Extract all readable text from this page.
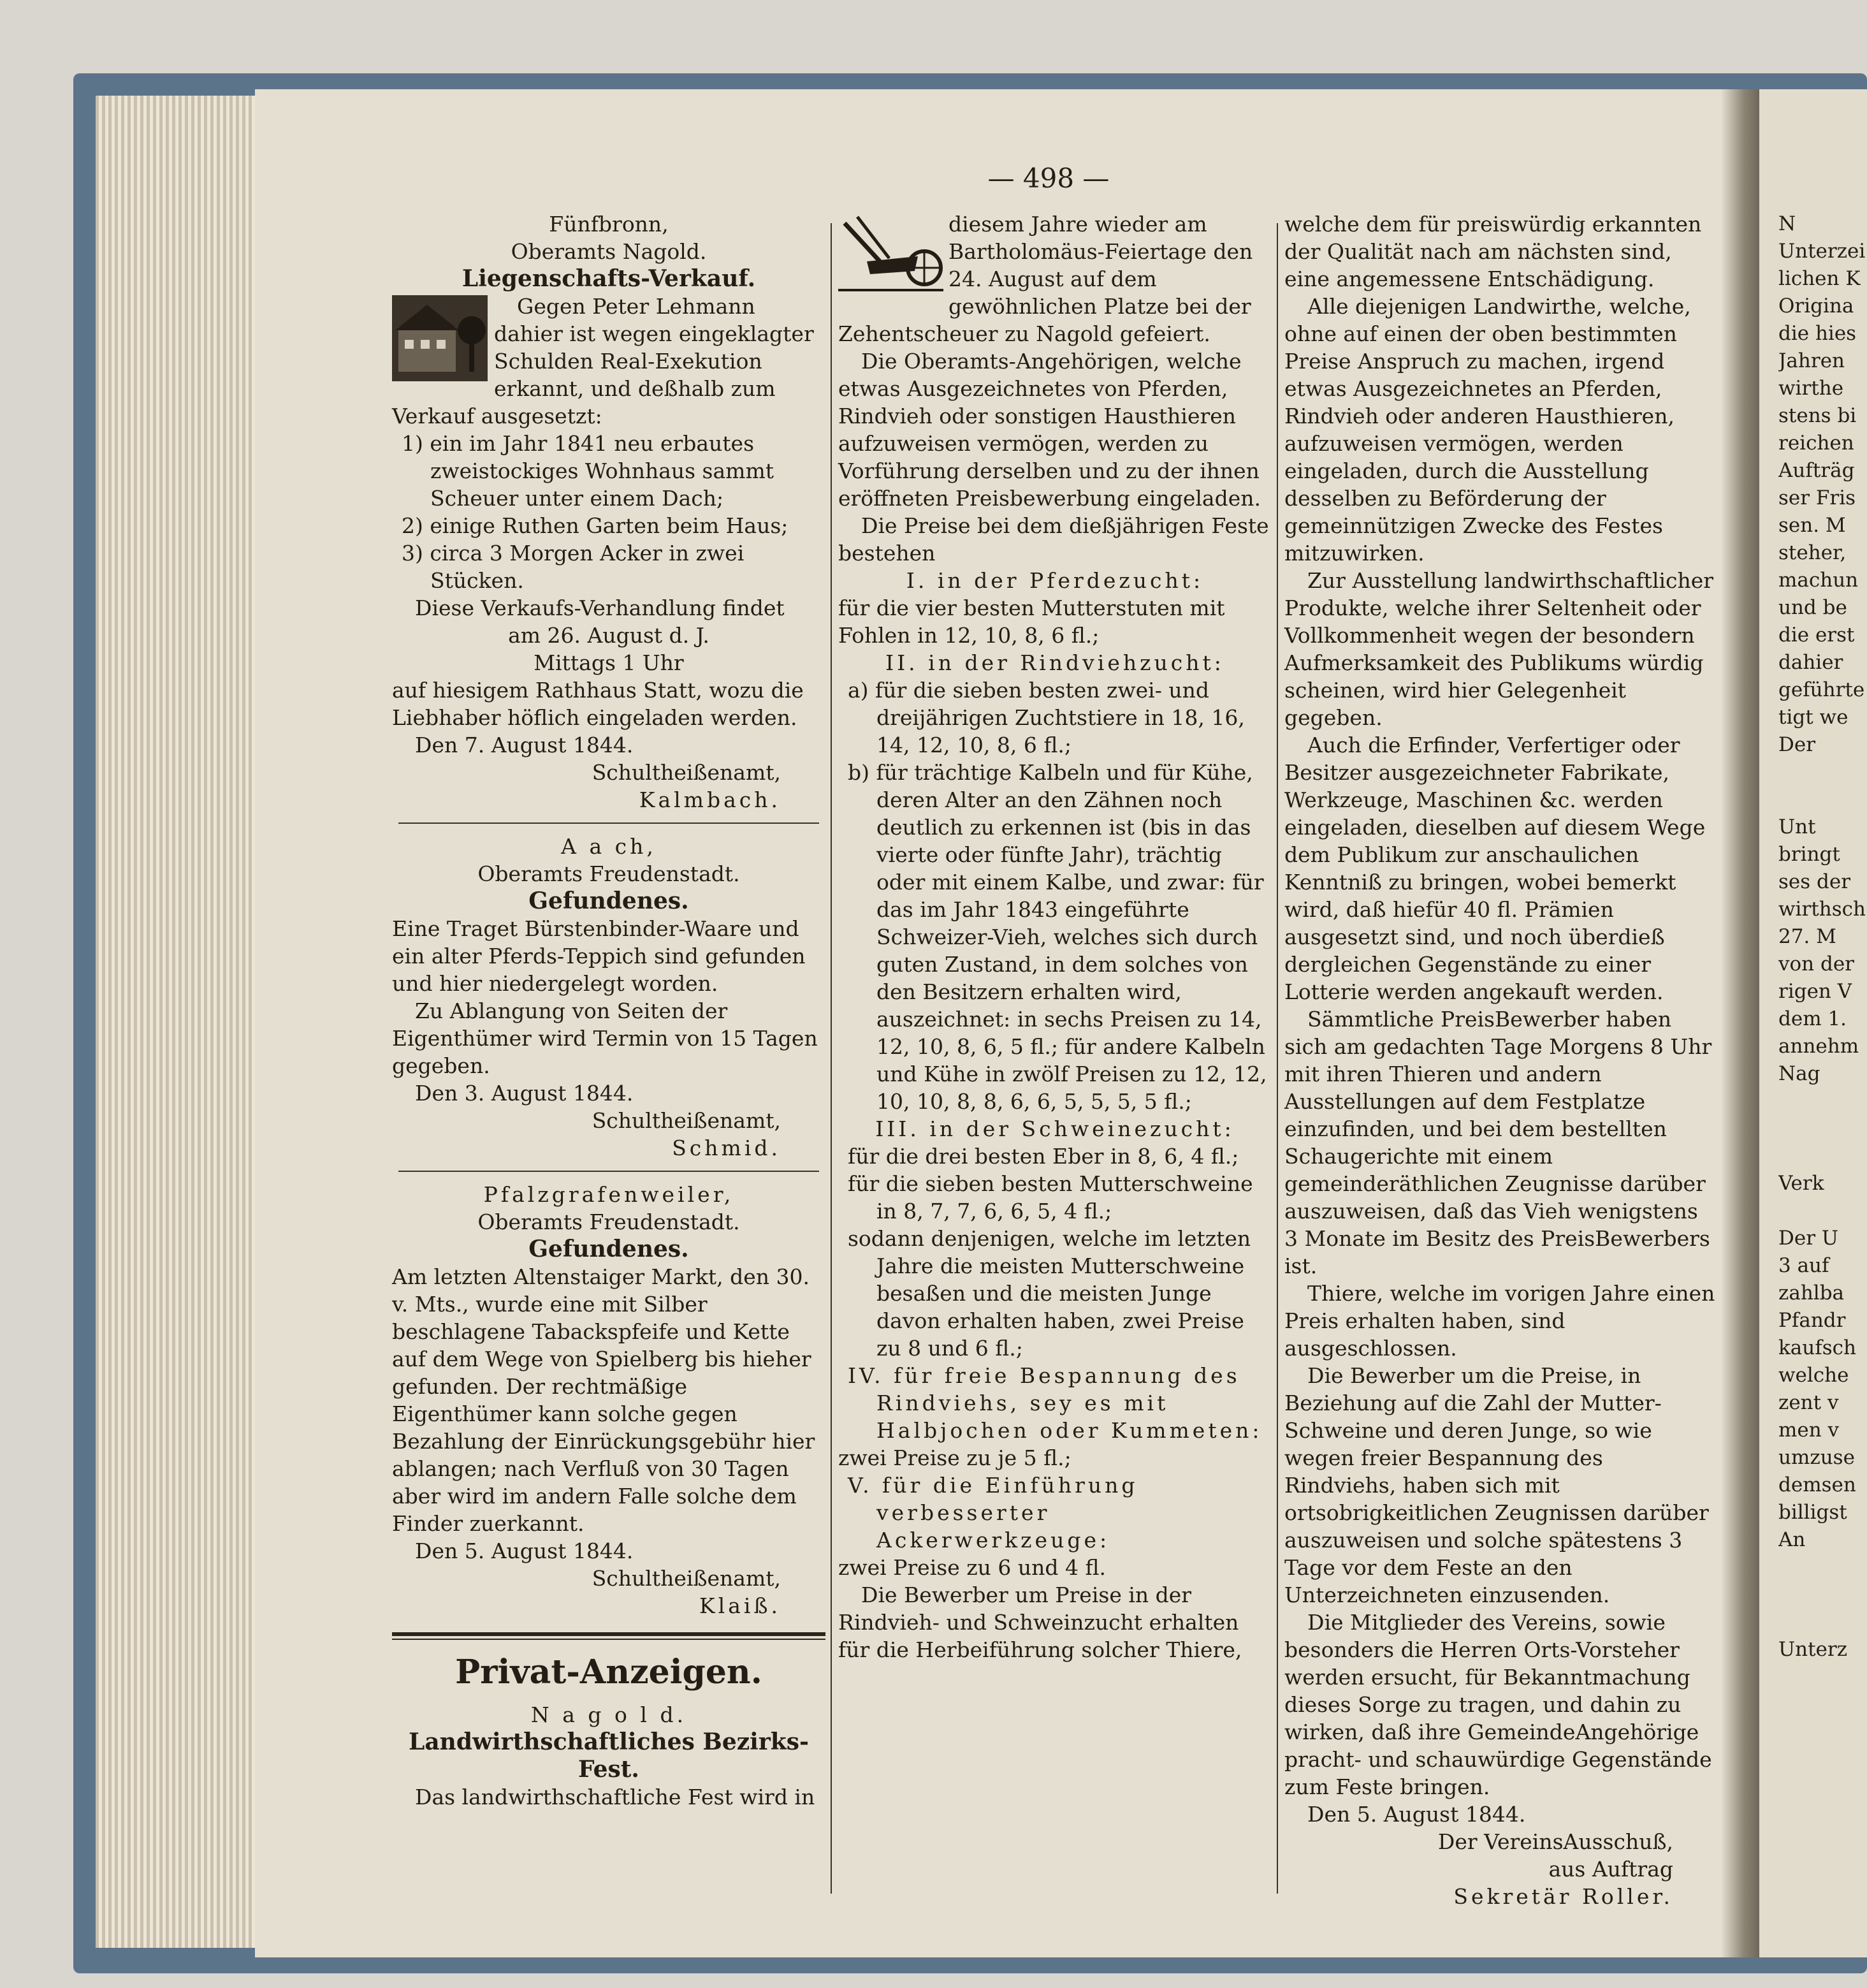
— 498 —

Fünfbronn,

Oberamts Nagold.

Liegenschafts-Verkauf.

Gegen Peter Lehmann dahier ist wegen eingeklagter Schulden Real-Exekution erkannt, und deßhalb zum Verkauf ausgesetzt:

1) ein im Jahr 1841 neu erbautes zweistockiges Wohnhaus sammt Scheuer unter einem Dach;

2) einige Ruthen Garten beim Haus;

3) circa 3 Morgen Acker in zwei Stücken.

Diese Verkaufs-Verhandlung findet

am 26. August d. J.

Mittags 1 Uhr

auf hiesigem Rathhaus Statt, wozu die Liebhaber höflich eingeladen werden.

Den 7. August 1844.

Schultheißenamt,

Kalmbach.

A a ch,

Oberamts Freudenstadt.

Gefundenes.

Eine Traget Bürstenbinder-Waare und ein alter Pferds-Teppich sind gefunden und hier niedergelegt worden.

Zu Ablangung von Seiten der Eigenthümer wird Termin von 15 Tagen gegeben.

Den 3. August 1844.

Schultheißenamt,

Schmid.

Pfalzgrafenweiler,

Oberamts Freudenstadt.

Gefundenes.

Am letzten Altenstaiger Markt, den 30. v. Mts., wurde eine mit Silber beschlagene Tabackspfeife und Kette auf dem Wege von Spielberg bis hieher gefunden. Der rechtmäßige Eigenthümer kann solche gegen Bezahlung der Einrückungsgebühr hier ablangen; nach Verfluß von 30 Tagen aber wird im andern Falle solche dem Finder zuerkannt.

Den 5. August 1844.

Schultheißenamt,

Klaiß.

Privat-Anzeigen.

N a g o l d.

Landwirthschaftliches Bezirks-Fest.

Das landwirthschaftliche Fest wird in

diesem Jahre wieder am Bartholomäus-Feiertage den 24. August auf dem gewöhnlichen Platze bei der Zehentscheuer zu Nagold gefeiert.

Die Oberamts-Angehörigen, welche etwas Ausgezeichnetes von Pferden, Rindvieh oder sonstigen Hausthieren aufzuweisen vermögen, werden zu Vorführung derselben und zu der ihnen eröffneten Preisbewerbung eingeladen.

Die Preise bei dem dießjährigen Feste bestehen

I. in der Pferdezucht:

für die vier besten Mutterstuten mit Fohlen in 12, 10, 8, 6 fl.;

II. in der Rindviehzucht:

a) für die sieben besten zwei- und dreijährigen Zuchtstiere in 18, 16, 14, 12, 10, 8, 6 fl.;

b) für trächtige Kalbeln und für Kühe, deren Alter an den Zähnen noch deutlich zu erkennen ist (bis in das vierte oder fünfte Jahr), trächtig oder mit einem Kalbe, und zwar: für das im Jahr 1843 eingeführte Schweizer-Vieh, welches sich durch guten Zustand, in dem solches von den Besitzern erhalten wird, auszeichnet: in sechs Preisen zu 14, 12, 10, 8, 6, 5 fl.; für andere Kalbeln und Kühe in zwölf Preisen zu 12, 12, 10, 10, 8, 8, 6, 6, 5, 5, 5, 5 fl.;

III. in der Schweinezucht:

für die drei besten Eber in 8, 6, 4 fl.;

für die sieben besten Mutterschweine in 8, 7, 7, 6, 6, 5, 4 fl.;

sodann denjenigen, welche im letzten Jahre die meisten Mutterschweine besaßen und die meisten Junge davon erhalten haben, zwei Preise zu 8 und 6 fl.;

IV. für freie Bespannung des Rindviehs, sey es mit Halbjochen oder Kummeten:

zwei Preise zu je 5 fl.;

V. für die Einführung verbesserter Ackerwerkzeuge:

zwei Preise zu 6 und 4 fl.

Die Bewerber um Preise in der Rindvieh- und Schweinzucht erhalten für die Herbeiführung solcher Thiere,

welche dem für preiswürdig erkannten der Qualität nach am nächsten sind, eine angemessene Entschädigung.

Alle diejenigen Landwirthe, welche, ohne auf einen der oben bestimmten Preise Anspruch zu machen, irgend etwas Ausgezeichnetes an Pferden, Rindvieh oder anderen Hausthieren, aufzuweisen vermögen, werden eingeladen, durch die Ausstellung desselben zu Beförderung der gemeinnützigen Zwecke des Festes mitzuwirken.

Zur Ausstellung landwirthschaftlicher Produkte, welche ihrer Seltenheit oder Vollkommenheit wegen der besondern Aufmerksamkeit des Publikums würdig scheinen, wird hier Gelegenheit gegeben.

Auch die Erfinder, Verfertiger oder Besitzer ausgezeichneter Fabrikate, Werkzeuge, Maschinen &c. werden eingeladen, dieselben auf diesem Wege dem Publikum zur anschaulichen Kenntniß zu bringen, wobei bemerkt wird, daß hiefür 40 fl. Prämien ausgesetzt sind, und noch überdieß dergleichen Gegenstände zu einer Lotterie werden angekauft werden.

Sämmtliche PreisBewerber haben sich am gedachten Tage Morgens 8 Uhr mit ihren Thieren und andern Ausstellungen auf dem Festplatze einzufinden, und bei dem bestellten Schaugerichte mit einem gemeinderäthlichen Zeugnisse darüber auszuweisen, daß das Vieh wenigstens 3 Monate im Besitz des PreisBewerbers ist.

Thiere, welche im vorigen Jahre einen Preis erhalten haben, sind ausgeschlossen.

Die Bewerber um die Preise, in Beziehung auf die Zahl der Mutter-Schweine und deren Junge, so wie wegen freier Bespannung des Rindviehs, haben sich mit ortsobrigkeitlichen Zeugnissen darüber auszuweisen und solche spätestens 3 Tage vor dem Feste an den Unterzeichneten einzusenden.

Die Mitglieder des Vereins, sowie besonders die Herren Orts-Vorsteher werden ersucht, für Bekanntmachung dieses Sorge zu tragen, und dahin zu wirken, daß ihre GemeindeAngehörige pracht- und schauwürdige Gegenstände zum Feste bringen.

Den 5. August 1844.

Der VereinsAusschuß,

aus Auftrag

Sekretär Roller.

N

Unterzei

lichen K

Origina

die hies

Jahren

wirthe

stens bi

reichen

Aufträg

ser Fris

sen. M

steher,

machun

und be

die erst

dahier

geführte

tigt we

Der

Unt

bringt

ses der

wirthsch

27. M

von der

rigen V

dem 1.

annehm

Nag

Verk

Der U

3 auf

zahlba

Pfandr

kaufsch

welche

zent v

men v

umzuse

demsen

billigst

An

Unterz
